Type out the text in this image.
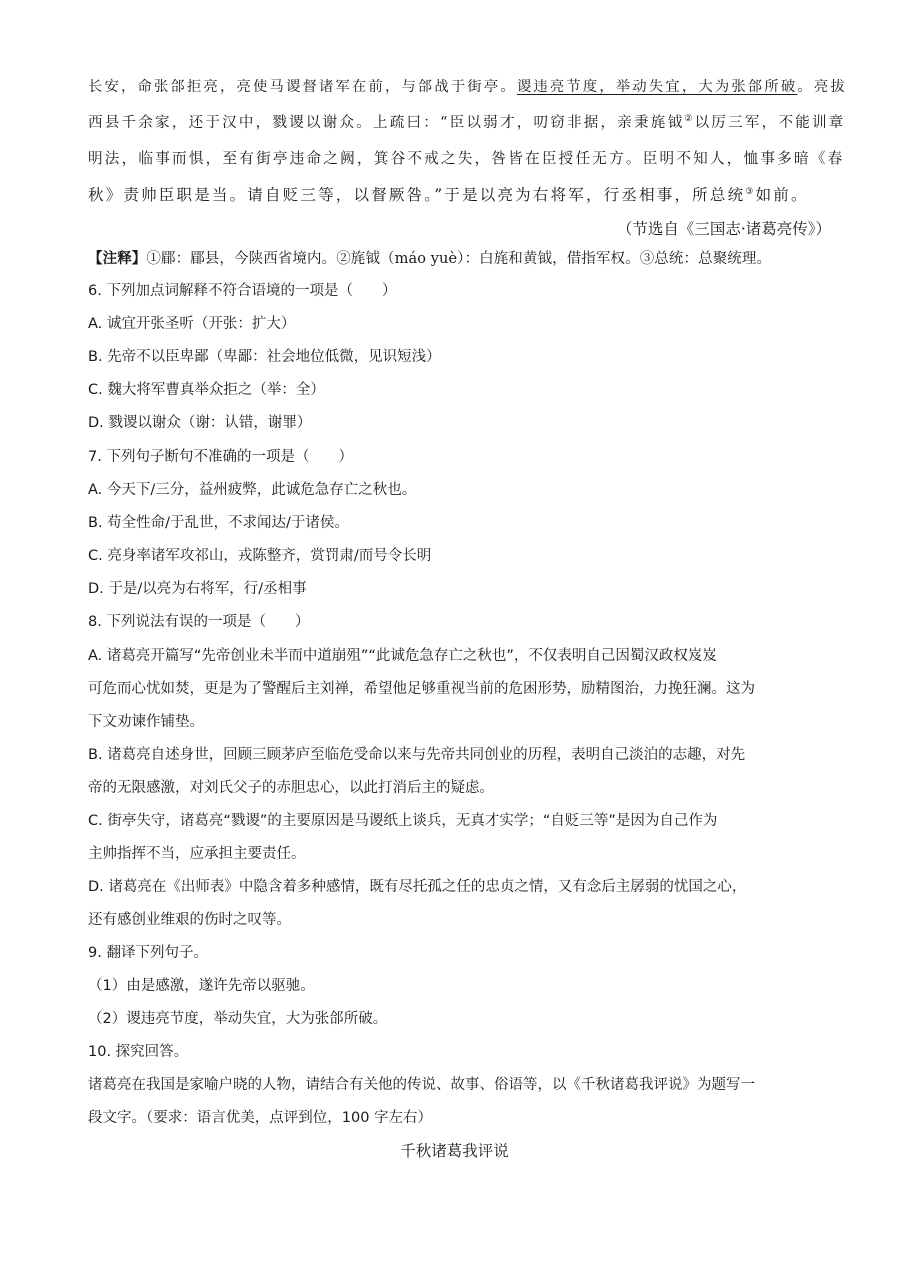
长安，命张郃拒亮，亮使马谡督诸军在前，与郃战于街亭。谡违亮节度，举动失宜，大为张郃所破。亮拔
西县千余家，还于汉中，戮谡以谢众。上疏曰：“臣以弱才，叨窃非据，亲秉旄钺②以厉三军，不能训章
明法，临事而惧，至有街亭违命之阙，箕谷不戒之失，咎皆在臣授任无方。臣明不知人，恤事多暗《春
秋》责帅臣职是当。请自贬三等，以督厥咎。”于是以亮为右将军，行丞相事，所总统③如前。
（节选自《三国志·诸葛亮传》）
【注释】①郿：郿县，今陕西省境内。②旄钺（máo yuè）：白旄和黄钺，借指军权。③总统：总聚统理。
6. 下列加点词解释不符合语境的一项是（　　）
A. 诚宜开张圣听（开张：扩大）
B. 先帝不以臣卑鄙（卑鄙：社会地位低微，见识短浅）
C. 魏大将军曹真举众拒之（举：全）
D. 戮谡以谢众（谢：认错，谢罪）
7. 下列句子断句不准确的一项是（　　）
A. 今天下/三分，益州疲弊，此诚危急存亡之秋也。
B. 苟全性命/于乱世，不求闻达/于诸侯。
C. 亮身率诸军攻祁山，戎陈整齐，赏罚肃/而号令长明
D. 于是/以亮为右将军，行/丞相事
8. 下列说法有误的一项是（　　）
A. 诸葛亮开篇写“先帝创业未半而中道崩殂”“此诚危急存亡之秋也”，不仅表明自己因蜀汉政权岌岌
可危而心忧如焚，更是为了警醒后主刘禅，希望他足够重视当前的危困形势，励精图治，力挽狂澜。这为
下文劝谏作铺垫。
B. 诸葛亮自述身世，回顾三顾茅庐至临危受命以来与先帝共同创业的历程，表明自己淡泊的志趣，对先
帝的无限感激，对刘氏父子的赤胆忠心，以此打消后主的疑虑。
C. 街亭失守，诸葛亮“戮谡”的主要原因是马谡纸上谈兵，无真才实学；“自贬三等”是因为自己作为
主帅指挥不当，应承担主要责任。
D. 诸葛亮在《出师表》中隐含着多种感情，既有尽托孤之任的忠贞之情，又有念后主孱弱的忧国之心，
还有感创业维艰的伤时之叹等。
9. 翻译下列句子。
（1）由是感激，遂许先帝以驱驰。
（2）谡违亮节度，举动失宜，大为张郃所破。
10. 探究回答。
诸葛亮在我国是家喻户晓的人物，请结合有关他的传说、故事、俗语等，以《千秋诸葛我评说》为题写一
段文字。（要求：语言优美，点评到位，100 字左右）
千秋诸葛我评说
